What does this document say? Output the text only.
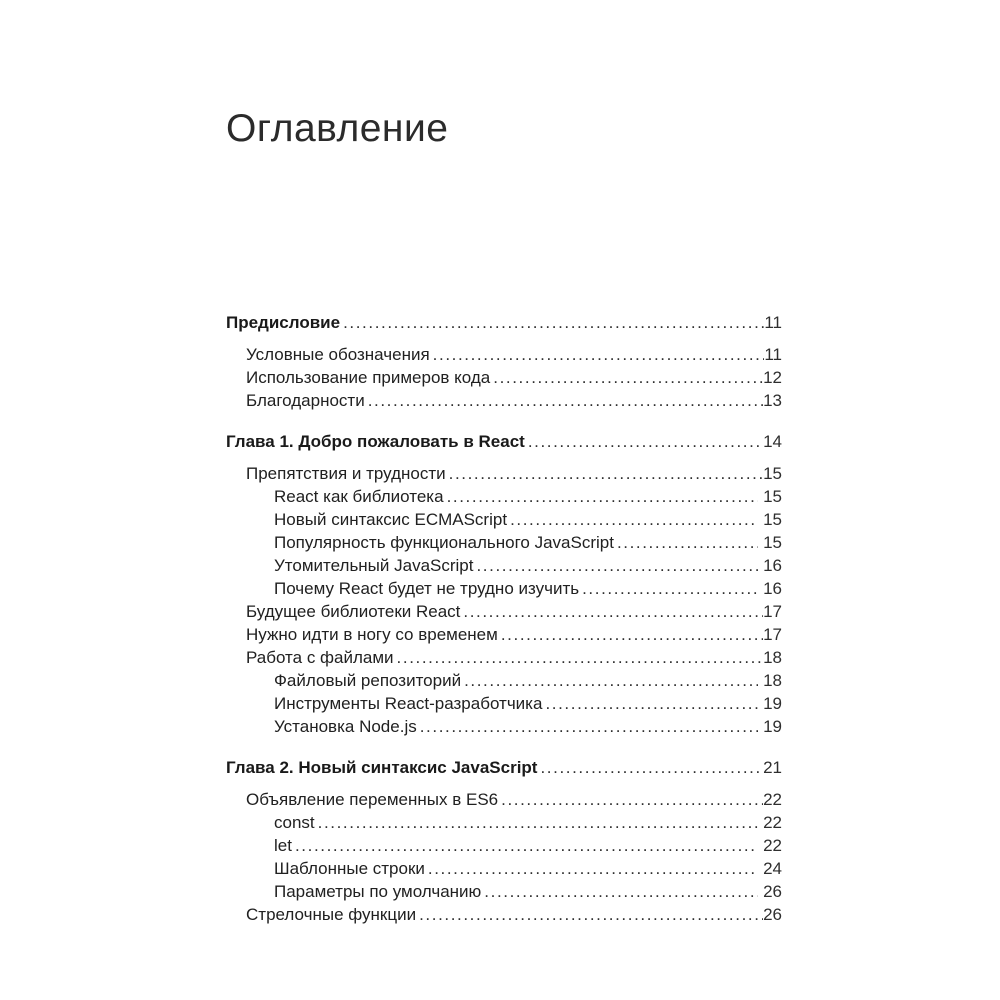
Оглавление
Предисловие .....	11
Условные обозначения .....	11
Использование примеров кода .....	12
Благодарности .....	13
Глава 1. Добро пожаловать в React .....	14
Препятствия и трудности .....	15
React как библиотека .....	15
Новый синтаксис ECMAScript .....	15
Популярность функционального JavaScript .....	15
Утомительный JavaScript .....	16
Почему React будет не трудно изучить .....	16
Будущее библиотеки React .....	17
Нужно идти в ногу со временем .....	17
Работа с файлами .....	18
Файловый репозиторий .....	18
Инструменты React-разработчика .....	19
Установка Node.js .....	19
Глава 2. Новый синтаксис JavaScript .....	21
Объявление переменных в ES6 .....	22
const .....	22
let .....	22
Шаблонные строки .....	24
Параметры по умолчанию .....	26
Стрелочные функции .....	26
